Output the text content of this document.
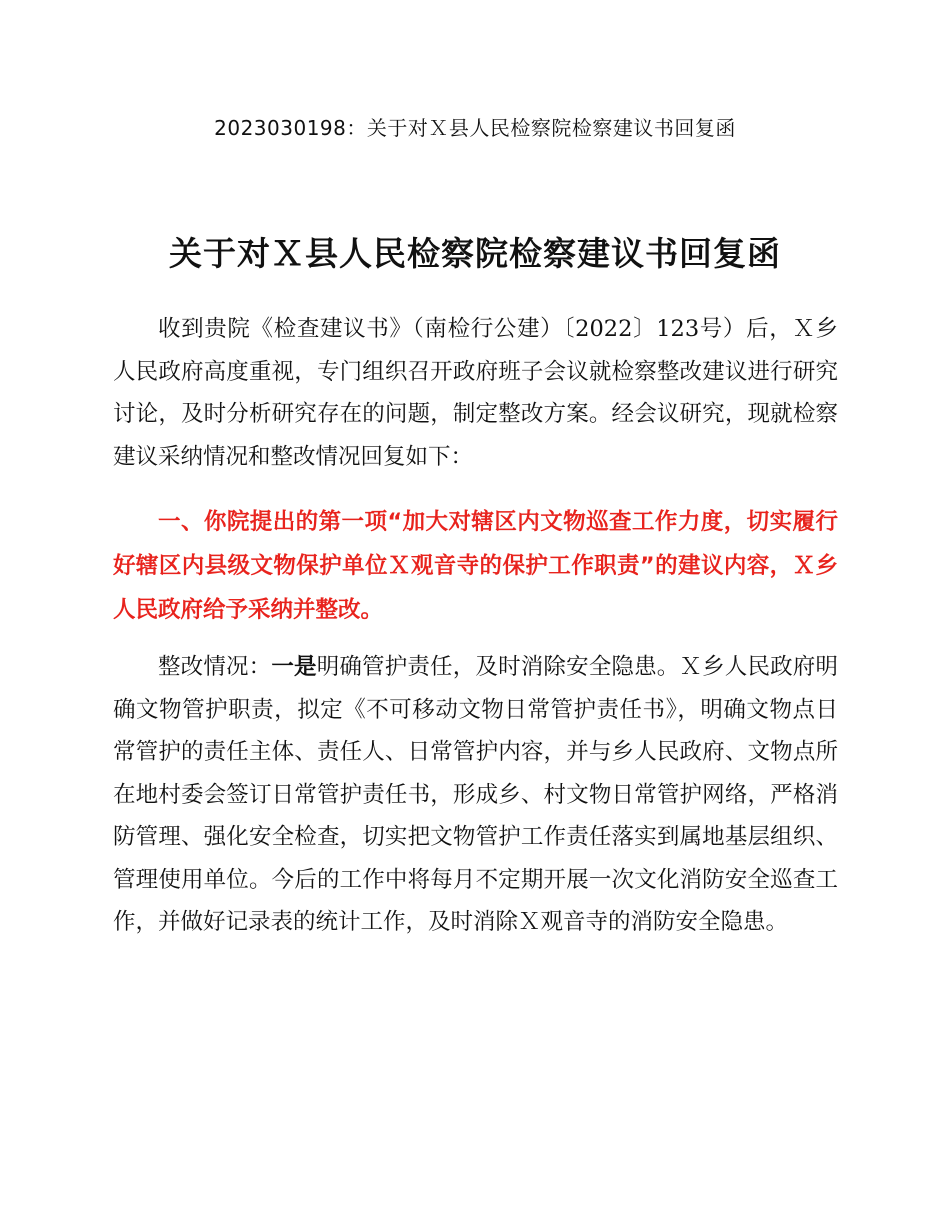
2023030198：关于对Ｘ县人民检察院检察建议书回复函
关于对Ｘ县人民检察院检察建议书回复函

收到贵院《检查建议书》（南检行公建）〔2022〕123号）后，Ｘ乡人民政府高度重视，专门组织召开政府班子会议就检察整改建议进行研究讨论，及时分析研究存在的问题，制定整改方案。经会议研究，现就检察建议采纳情况和整改情况回复如下：

一、你院提出的第一项“加大对辖区内文物巡查工作力度，切实履行好辖区内县级文物保护单位Ｘ观音寺的保护工作职责”的建议内容，Ｘ乡人民政府给予采纳并整改。

整改情况：一是明确管护责任，及时消除安全隐患。Ｘ乡人民政府明确文物管护职责，拟定《不可移动文物日常管护责任书》，明确文物点日常管护的责任主体、责任人、日常管护内容，并与乡人民政府、文物点所在地村委会签订日常管护责任书，形成乡、村文物日常管护网络，严格消防管理、强化安全检查，切实把文物管护工作责任落实到属地基层组织、管理使用单位。今后的工作中将每月不定期开展一次文化消防安全巡查工作，并做好记录表的统计工作，及时消除Ｘ观音寺的消防安全隐患。
